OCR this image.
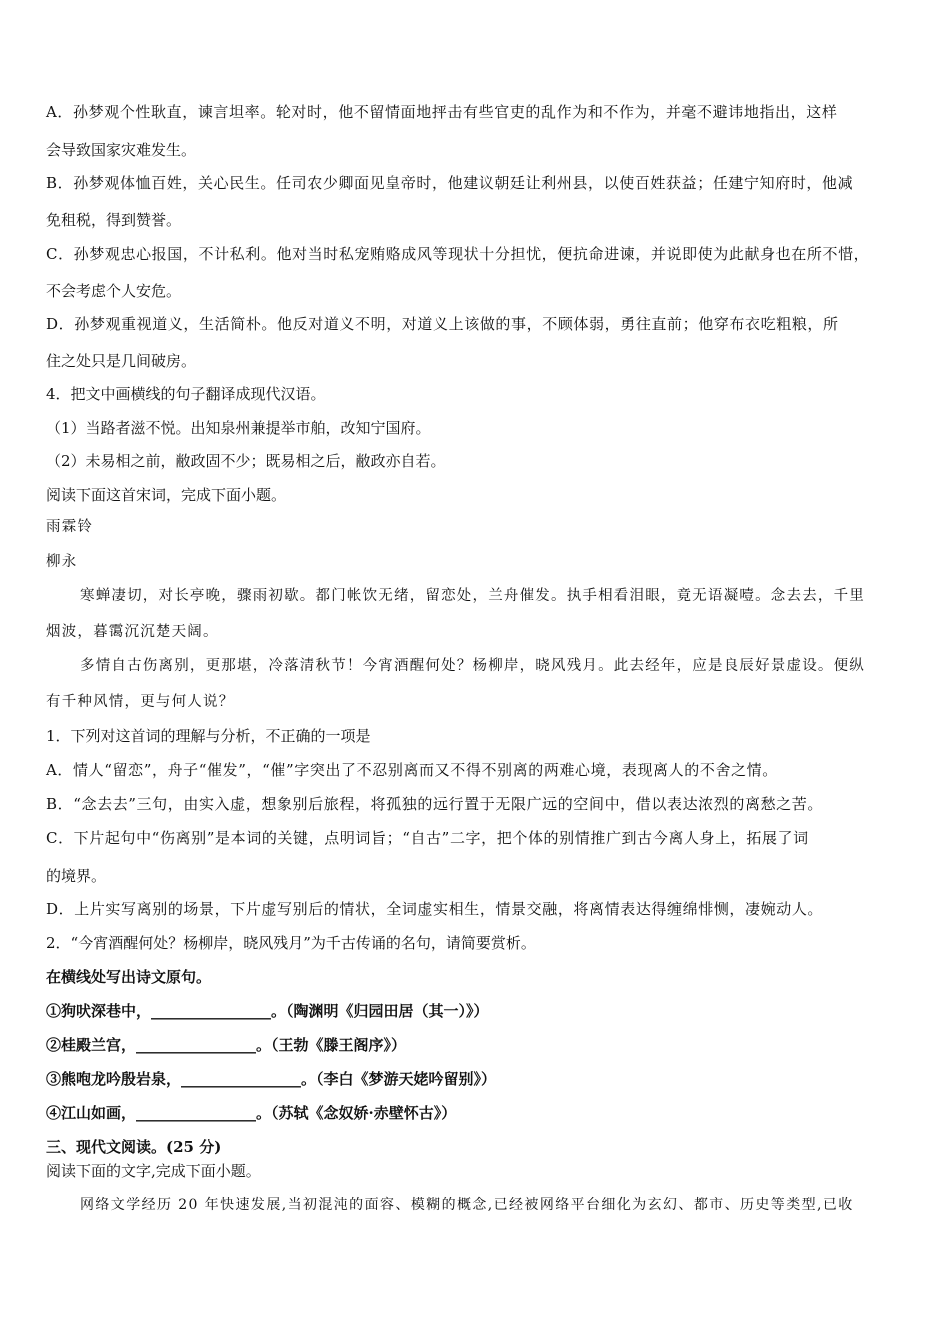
A．孙梦观个性耿直，谏言坦率。轮对时，他不留情面地抨击有些官吏的乱作为和不作为，并毫不避讳地指出，这样
会导致国家灾难发生。
B．孙梦观体恤百姓，关心民生。任司农少卿面见皇帝时，他建议朝廷让利州县，以使百姓获益；任建宁知府时，他减
免租税，得到赞誉。
C．孙梦观忠心报国，不计私利。他对当时私宠贿赂成风等现状十分担忧，便抗命进谏，并说即使为此献身也在所不惜，
不会考虑个人安危。
D．孙梦观重视道义，生活简朴。他反对道义不明，对道义上该做的事，不顾体弱，勇往直前；他穿布衣吃粗粮，所
住之处只是几间破房。
4．把文中画横线的句子翻译成现代汉语。
（1）当路者滋不悦。出知泉州兼提举市舶，改知宁国府。
（2）未易相之前，敝政固不少；既易相之后，敝政亦自若。
阅读下面这首宋词，完成下面小题。
雨霖铃
柳永
寒蝉凄切，对长亭晚，骤雨初歇。都门帐饮无绪，留恋处，兰舟催发。执手相看泪眼，竟无语凝噎。念去去，千里
烟波，暮霭沉沉楚天阔。
多情自古伤离别，更那堪，冷落清秋节！今宵酒醒何处？杨柳岸，晓风残月。此去经年，应是良辰好景虚设。便纵
有千种风情，更与何人说？
1．下列对这首词的理解与分析，不正确的一项是
A．情人“留恋”，舟子“催发”，“催”字突出了不忍别离而又不得不别离的两难心境，表现离人的不舍之情。
B．“念去去”三句，由实入虚，想象别后旅程，将孤独的远行置于无限广远的空间中，借以表达浓烈的离愁之苦。
C．下片起句中“伤离别”是本词的关键，点明词旨；“自古”二字，把个体的别情推广到古今离人身上，拓展了词
的境界。
D．上片实写离别的场景，下片虚写别后的情状，全词虚实相生，情景交融，将离情表达得缠绵悱恻，凄婉动人。
2．“今宵酒醒何处？杨柳岸，晓风残月”为千古传诵的名句，请简要赏析。
在横线处写出诗文原句。
①狗吠深巷中，________________。（陶渊明《归园田居（其一）》）
②桂殿兰宫，________________。（王勃《滕王阁序》）
③熊咆龙吟殷岩泉，________________。（李白《梦游天姥吟留别》）
④江山如画，________________。（苏轼《念奴娇·赤壁怀古》）
三、现代文阅读。(25 分)
阅读下面的文字,完成下面小题。
网络文学经历 20 年快速发展,当初混沌的面容、模糊的概念,已经被网络平台细化为玄幻、都市、历史等类型,已收
